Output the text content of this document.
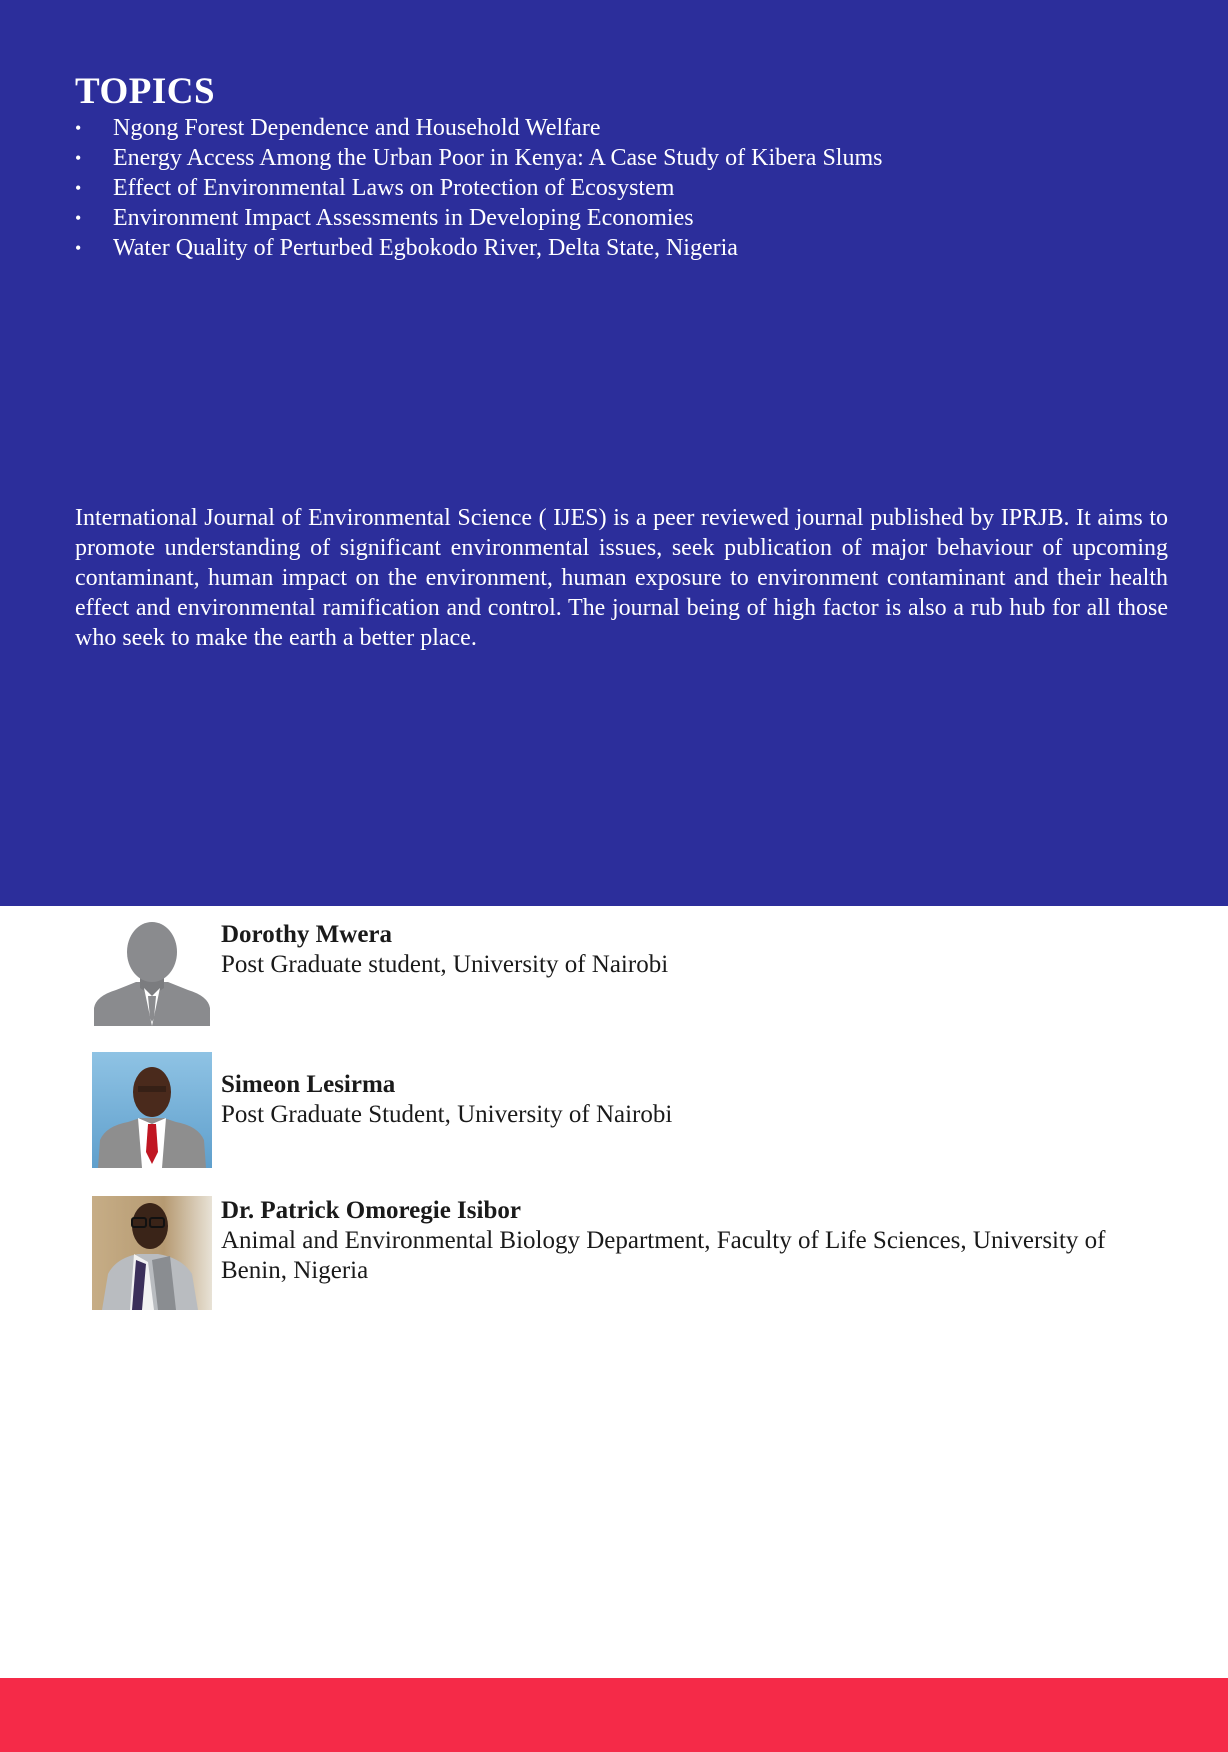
TOPICS
• Ngong Forest Dependence and Household Welfare
• Energy Access Among the Urban Poor in Kenya: A Case Study of Kibera Slums
• Effect of Environmental Laws on Protection of Ecosystem
• Environment Impact Assessments in Developing Economies
• Water Quality of Perturbed Egbokodo River, Delta State, Nigeria

International Journal of Environmental Science ( IJES) is a peer reviewed journal published by IPRJB. It aims to promote understanding of significant environmental issues, seek publication of major behaviour of upcoming contaminant, human impact on the environment, human exposure to environment contaminant and their health effect and environmental ramification and control. The journal being of high factor is also a rub hub for all those who seek to make the earth a better place.

Dorothy Mwera
Post Graduate student, University of Nairobi
Simeon Lesirma
Post Graduate Student, University of Nairobi
Dr. Patrick Omoregie Isibor
Animal and Environmental Biology Department, Faculty of Life Sciences, University of Benin, Nigeria
